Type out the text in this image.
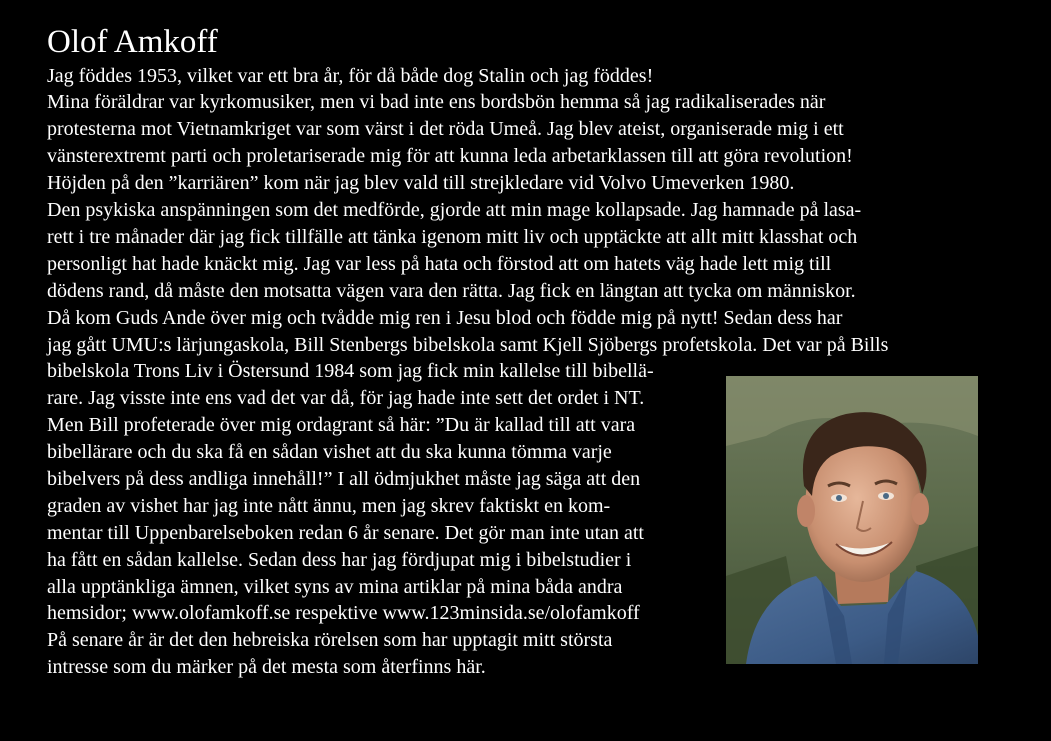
Olof Amkoff
Jag föddes 1953, vilket var ett bra år, för då både dog Stalin och jag föddes!
Mina föräldrar var kyrkomusiker, men vi bad inte ens bordsbön hemma så jag radikaliserades när
protesterna mot Vietnamkriget var som värst i det röda Umeå. Jag blev ateist, organiserade mig i ett
vänsterextremt parti och proletariserade mig för att kunna leda arbetarklassen till att göra revolution!
Höjden på den ”karriären” kom när jag blev vald till strejkledare vid Volvo Umeverken 1980.
Den psykiska anspänningen som det medförde, gjorde att min mage kollapsade. Jag hamnade på lasa-
rett i tre månader där jag fick tillfälle att tänka igenom mitt liv och upptäckte att allt mitt klasshat och
personligt hat hade knäckt mig. Jag var less på hata och förstod att om hatets väg hade lett mig till
dödens rand, då måste den motsatta vägen vara den rätta. Jag fick en längtan att tycka om människor.
Då kom Guds Ande över mig och tvådde mig ren i Jesu blod och födde mig på nytt! Sedan dess har
jag gått UMU:s lärjungaskola, Bill Stenbergs bibelskola samt Kjell Sjöbergs profetskola. Det var på Bills
bibelskola Trons Liv i Östersund 1984 som jag fick min kallelse till bibellä-
rare. Jag visste inte ens vad det var då, för jag hade inte sett det ordet i NT.
Men Bill profeterade över mig ordagrant så här: ”Du är kallad till att vara
bibellärare och du ska få en sådan vishet att du ska kunna tömma varje
bibelvers på dess andliga innehåll!” I all ödmjukhet måste jag säga att den
graden av vishet har jag inte nått ännu, men jag skrev faktiskt en kom-
mentar till Uppenbarelseboken redan 6 år senare. Det gör man inte utan att
ha fått en sådan kallelse. Sedan dess har jag fördjupat mig i bibelstudier i
alla upptänkliga ämnen, vilket syns av mina artiklar på mina båda andra
hemsidor; www.olofamkoff.se respektive www.123minsida.se/olofamkoff
På senare år är det den hebreiska rörelsen som har upptagit mitt största
intresse som du märker på det mesta som återfinns här.
